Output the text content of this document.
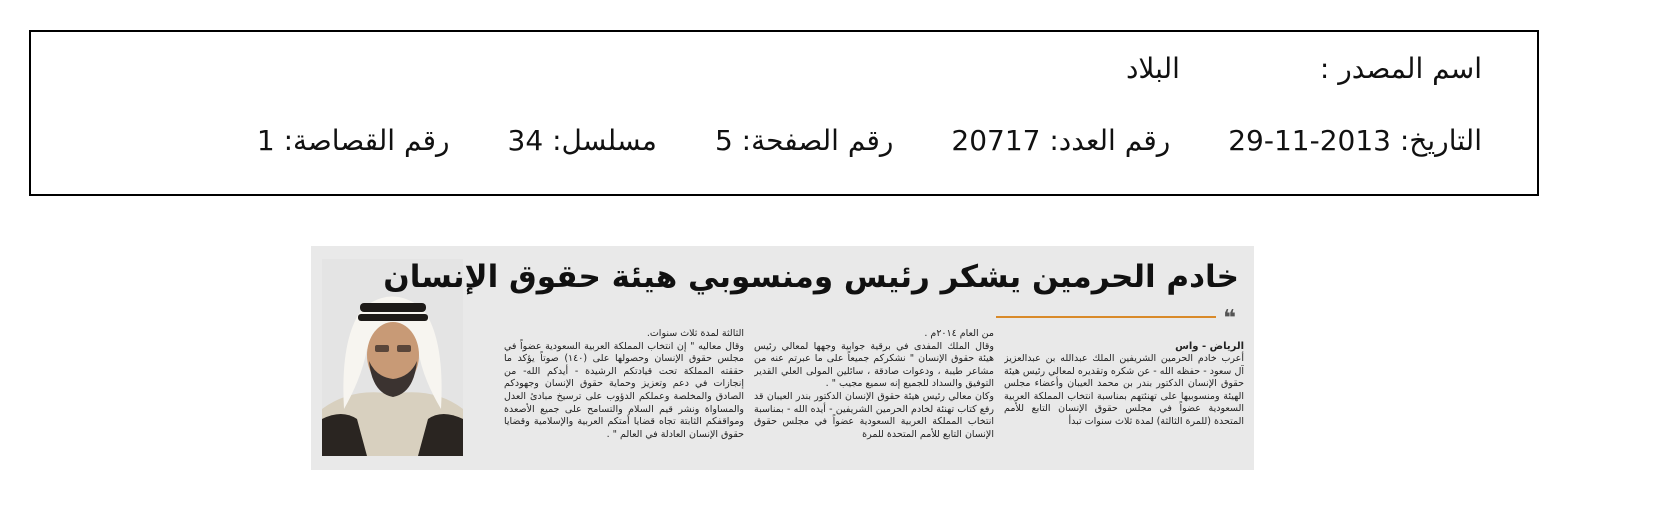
اسم المصدر :
البلاد
التاريخ:

29-11-2013
رقم العدد:

20717
رقم الصفحة:

5
مسلسل:

34
رقم القصاصة:

1
خادم الحرمين يشكر رئيس ومنسوبي هيئة حقوق الإنسان
❝
الرياض - واس
أعرب خادم الحرمين الشريفين الملك عبدالله بن عبدالعزيز آل سعود - حفظه الله - عن شكره وتقديره لمعالي رئيس هيئة حقوق الإنسان الدكتور بندر بن محمد العيبان وأعضاء مجلس الهيئة ومنسوبيها على تهنئتهم بمناسبة انتخاب المملكة العربية السعودية عضواً في مجلس حقوق الإنسان التابع للأمم المتحدة (للمرة الثالثة) لمدة ثلاث سنوات تبدأ
من العام ٢٠١٤م .
وقال الملك المفدى في برقية جوابية وجهها لمعالي رئيس هيئة حقوق الإنسان " نشكركم جميعاً على ما عبرتم عنه من مشاعر طيبة ، ودعوات صادقة ، سائلين المولى العلي القدير التوفيق والسداد للجميع إنه سميع مجيب " .
وكان معالي رئيس هيئة حقوق الإنسان الدكتور بندر العيبان قد رفع كتاب تهنئة لخادم الحرمين الشريفين - أيده الله - بمناسبة انتخاب المملكة العربية السعودية عضواً في مجلس حقوق الإنسان التابع للأمم المتحدة للمرة
الثالثة لمدة ثلاث سنوات.
وقال معاليه " إن انتخاب المملكة العربية السعودية عضواً في مجلس حقوق الإنسان وحصولها على (١٤٠) صوتاً يؤكد ما حققته المملكة تحت قيادتكم الرشيدة - أيدكم الله- من إنجازات في دعم وتعزيز وحماية حقوق الإنسان وجهودكم الصادق والمخلصة وعملكم الدؤوب على ترسيخ مبادئ العدل والمساواة ونشر قيم السلام والتسامح على جميع الأصعدة ومواقفكم الثابتة تجاه قضايا أمتكم العربية والإسلامية وقضايا حقوق الإنسان العادلة في العالم " .
